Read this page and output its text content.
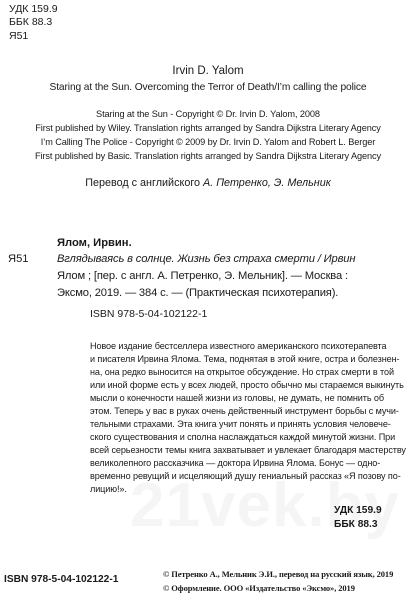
УДК 159.9
ББК 88.3
Я51
Irvin D. Yalom
Staring at the Sun. Overcoming the Terror of Death/I’m calling the police
Staring at the Sun - Copyright © Dr. Irvin D. Yalom, 2008
First published by Wiley. Translation rights arranged by Sandra Dijkstra Literary Agency
I’m Calling The Police - Copyright © 2009 by Dr. Irvin D. Yalom and Robert L. Berger
First published by Basic. Translation rights arranged by Sandra Dijkstra Literary Agency
Перевод с английского А. Петренко, Э. Мельник
Ялом, Ирвин.
Я51	Вглядываясь в солнце. Жизнь без страха смерти / Ирвин
Ялом ; [пер. с англ. А. Петренко, Э. Мельник]. — Москва :
Эксмо, 2019. — 384 с. — (Практическая психотерапия).
ISBN 978-5-04-102122-1
Новое издание бестселлера известного американского психотерапевта
и писателя Ирвина Ялома. Тема, поднятая в этой книге, остра и болезнен-
на, она редко выносится на открытое обсуждение. Но страх смерти в той
или иной форме есть у всех людей, просто обычно мы стараемся выкинуть
мысли о конечности нашей жизни из головы, не думать, не помнить об
этом. Теперь у вас в руках очень действенный инструмент борьбы с мучи-
тельными страхами. Эта книга учит понять и принять условия человече-
ского существования и сполна наслаждаться каждой минутой жизни. При
всей серьезности темы книга захватывает и увлекает благодаря мастерству
великолепного рассказчика — доктора Ирвина Ялома. Бонус — одно-
временно ревущий и исцеляющий душу гениальный рассказ «Я позову по-
лицию!».
УДК 159.9
ББК 88.3
ISBN 978-5-04-102122-1	© Петренко А., Мельник Э.И., перевод на русский язык, 2019
© Оформление. ООО «Издательство «Эксмо», 2019
